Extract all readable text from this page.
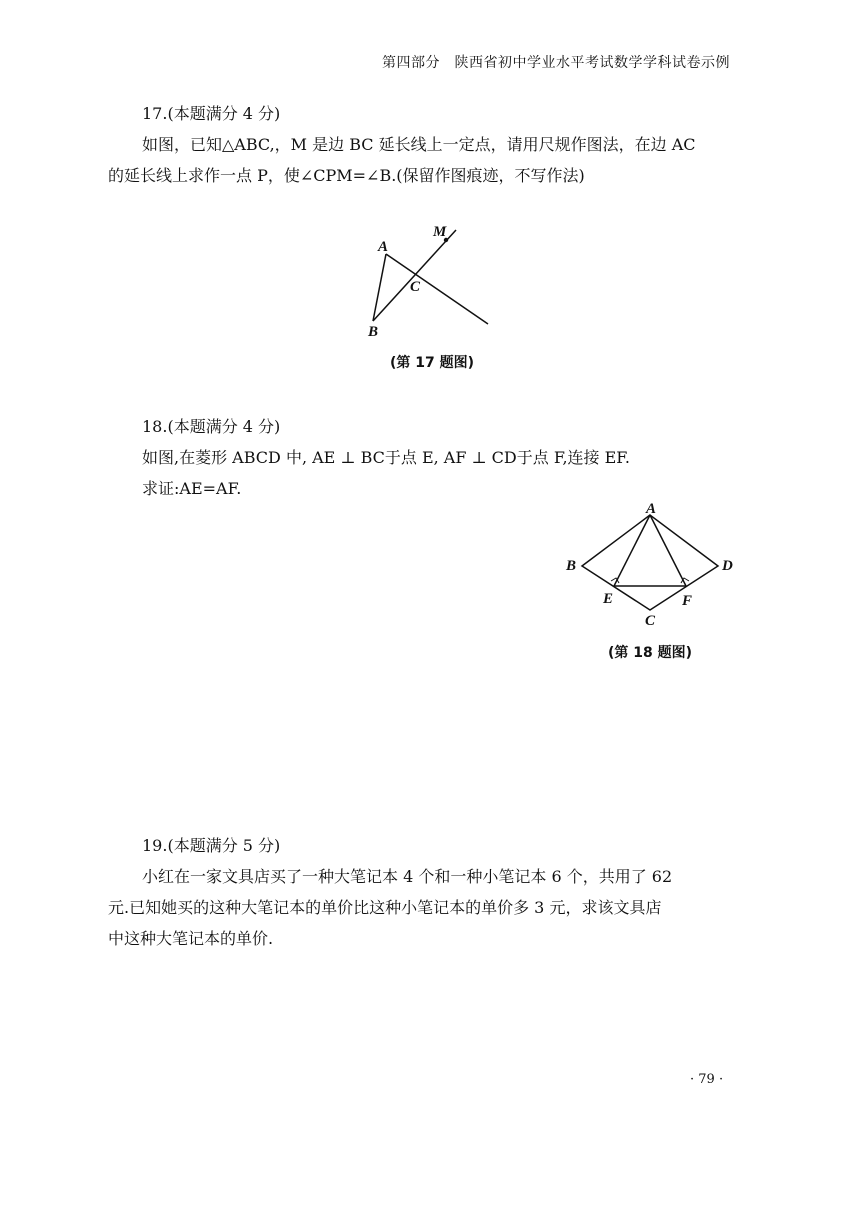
第四部分　陕西省初中学业水平考试数学学科试卷示例

17.(本题满分 4 分)

如图，已知△ABC,，M 是边 BC 延长线上一定点，请用尺规作图法，在边 AC

的延长线上求作一点 P，使∠CPM=∠B.(保留作图痕迹，不写作法)

A
B
C
M
(第 17 题图)

18.(本题满分 4 分)

如图,在菱形 ABCD 中, AE ⊥ BC于点 E, AF ⊥ CD于点 F,连接 EF.

求证:AE=AF.

A
B
C
D
E	F
(第 18 题图)

19.(本题满分 5 分)

小红在一家文具店买了一种大笔记本 4 个和一种小笔记本 6 个，共用了 62

元.已知她买的这种大笔记本的单价比这种小笔记本的单价多 3 元，求该文具店

中这种大笔记本的单价.

· 79 ·
